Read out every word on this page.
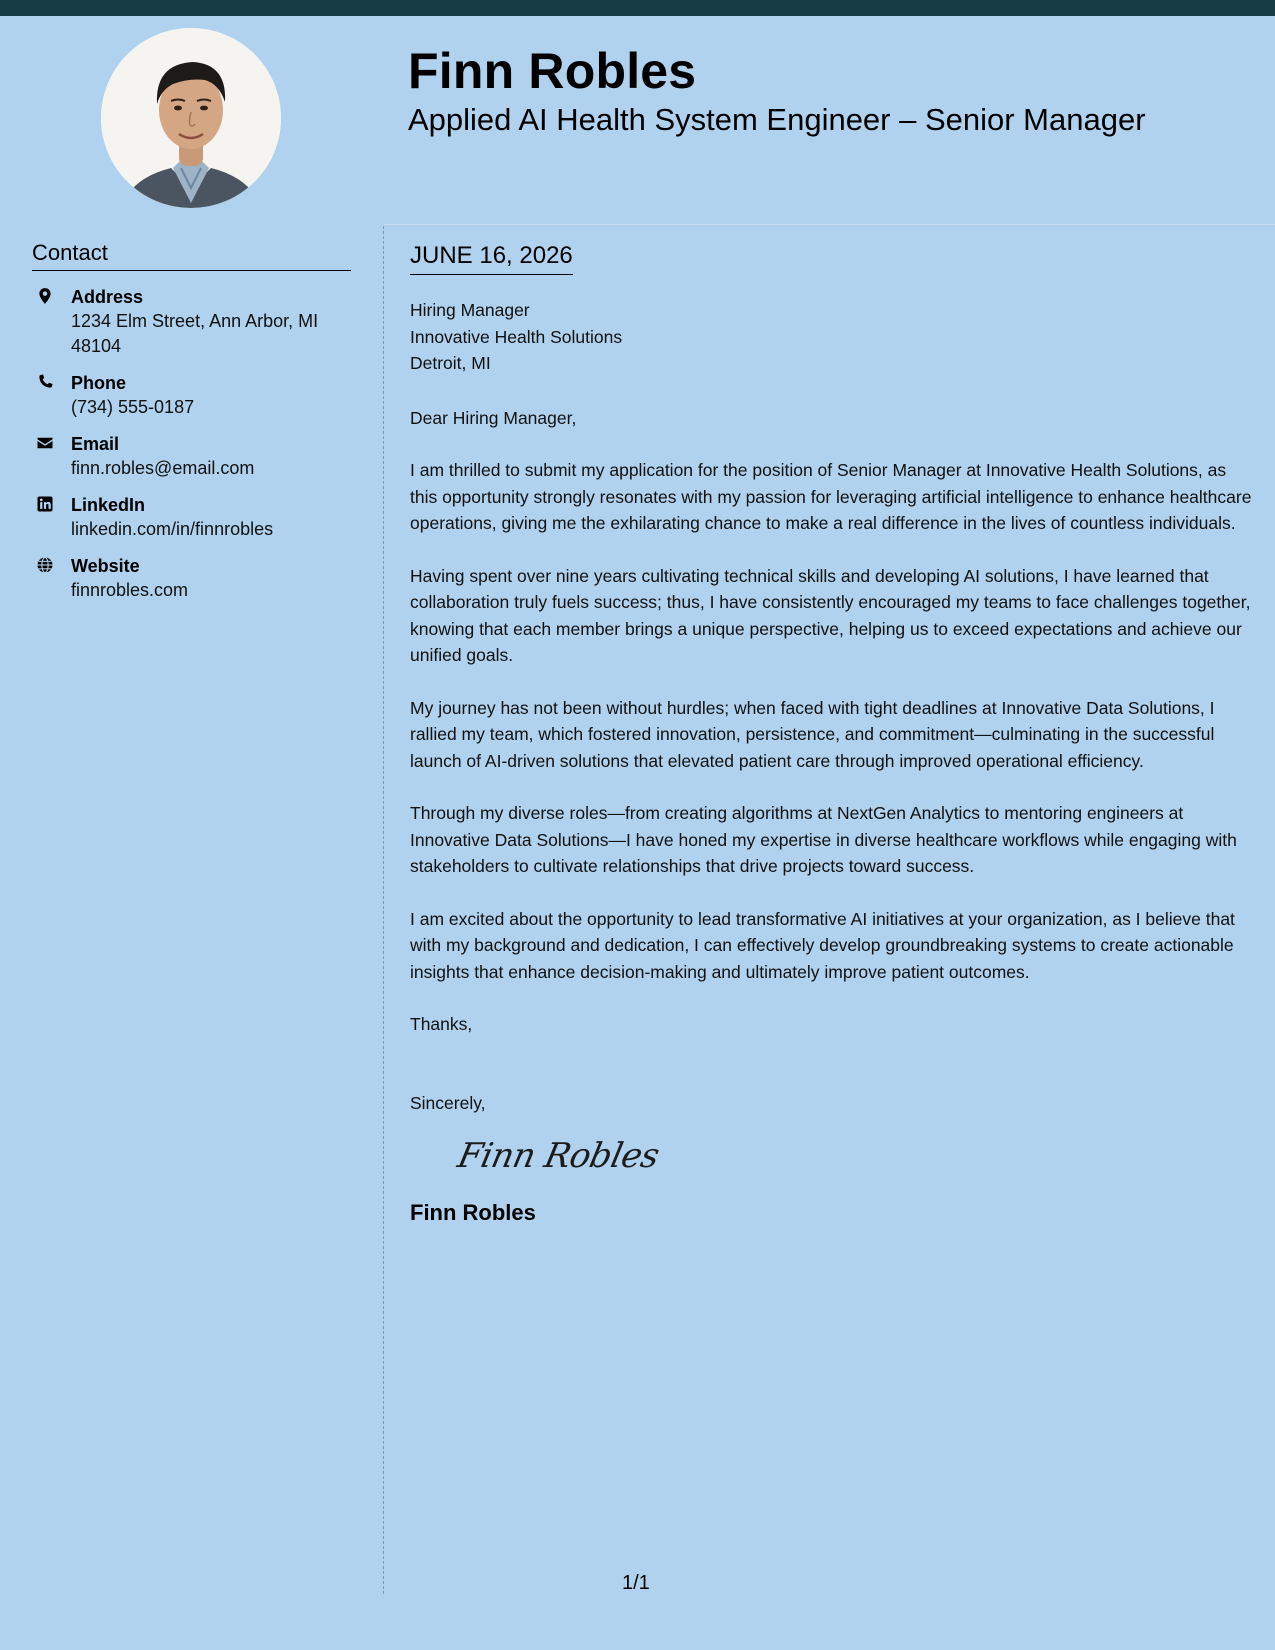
Finn Robles
Applied AI Health System Engineer – Senior Manager
Contact
Address
1234 Elm Street, Ann Arbor, MI 48104
Phone
(734) 555-0187
Email
finn.robles@email.com
LinkedIn
linkedin.com/in/finnrobles
Website
finnrobles.com
JUNE 16, 2026
Hiring Manager
Innovative Health Solutions
Detroit, MI
Dear Hiring Manager,

I am thrilled to submit my application for the position of Senior Manager at Innovative Health Solutions, as this opportunity strongly resonates with my passion for leveraging artificial intelligence to enhance healthcare operations, giving me the exhilarating chance to make a real difference in the lives of countless individuals.

Having spent over nine years cultivating technical skills and developing AI solutions, I have learned that collaboration truly fuels success; thus, I have consistently encouraged my teams to face challenges together, knowing that each member brings a unique perspective, helping us to exceed expectations and achieve our unified goals.

My journey has not been without hurdles; when faced with tight deadlines at Innovative Data Solutions, I rallied my team, which fostered innovation, persistence, and commitment—culminating in the successful launch of AI-driven solutions that elevated patient care through improved operational efficiency.

Through my diverse roles—from creating algorithms at NextGen Analytics to mentoring engineers at Innovative Data Solutions—I have honed my expertise in diverse healthcare workflows while engaging with stakeholders to cultivate relationships that drive projects toward success.

I am excited about the opportunity to lead transformative AI initiatives at your organization, as I believe that with my background and dedication, I can effectively develop groundbreaking systems to create actionable insights that enhance decision-making and ultimately improve patient outcomes.

Thanks,
Sincerely,
Finn Robles
Finn Robles
1/1
